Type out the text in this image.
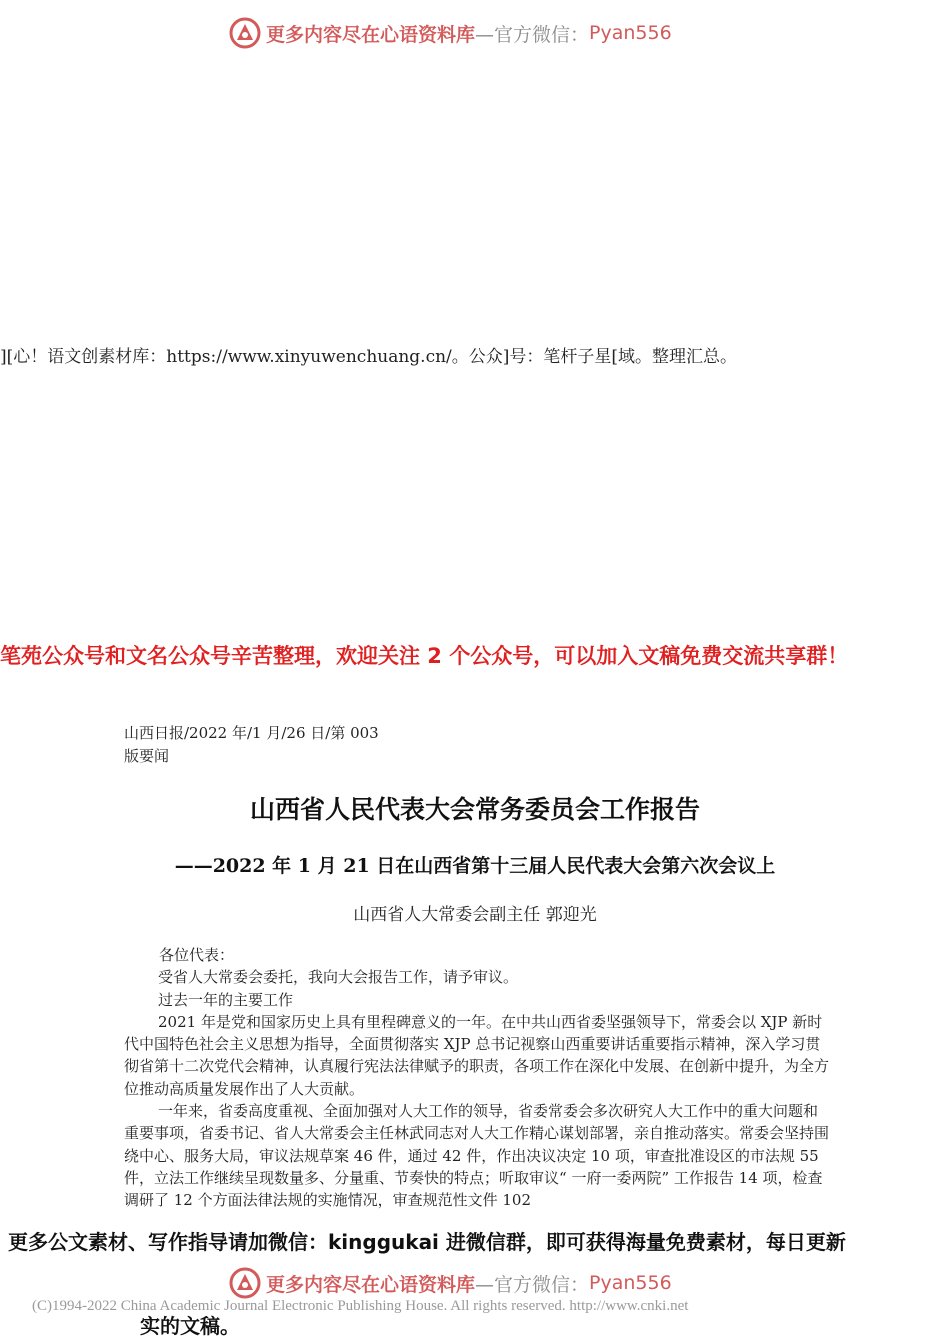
更多内容尽在心语资料库 —官方微信： Pyan556
][心！语文创素材库：https://www.xinyuwenchuang.cn/。公众]号：笔杆子星[域。整理汇总。
笔苑公众号和文名公众号辛苦整理，欢迎关注 2 个公众号，可以加入文稿免费交流共享群！
山西日报/2022 年/1 月/26 日/第 003
版要闻
山西省人民代表大会常务委员会工作报告
——2022 年 1 月 21 日在山西省第十三届人民代表大会第六次会议上
山西省人大常委会副主任 郭迎光

各位代表：

受省人大常委会委托，我向大会报告工作，请予审议。

过去一年的主要工作

2021 年是党和国家历史上具有里程碑意义的一年。在中共山西省委坚强领导下，常委会以 XJP 新时代中国特色社会主义思想为指导，全面贯彻落实 XJP 总书记视察山西重要讲话重要指示精神，深入学习贯彻省第十二次党代会精神，认真履行宪法法律赋予的职责，各项工作在深化中发展、在创新中提升，为全方位推动高质量发展作出了人大贡献。

一年来，省委高度重视、全面加强对人大工作的领导，省委常委会多次研究人大工作中的重大问题和重要事项，省委书记、省人大常委会主任林武同志对人大工作精心谋划部署，亲自推动落实。常委会坚持围绕中心、服务大局，审议法规草案 46 件，通过 42 件，作出决议决定 10 项，审查批准设区的市法规 55 件，立法工作继续呈现数量多、分量重、节奏快的特点；听取审议“ 一府一委两院” 工作报告 14 项，检查调研了 12 个方面法律法规的实施情况，审查规范性文件 102

更多公文素材、写作指导请加微信：kinggukai 进微信群，即可获得海量免费素材，每日更新
更多内容尽在心语资料库 —官方微信： Pyan556
(C)1994-2022 China Academic Journal Electronic Publishing House. All rights reserved. http://www.cnki.net
实的文稿。
